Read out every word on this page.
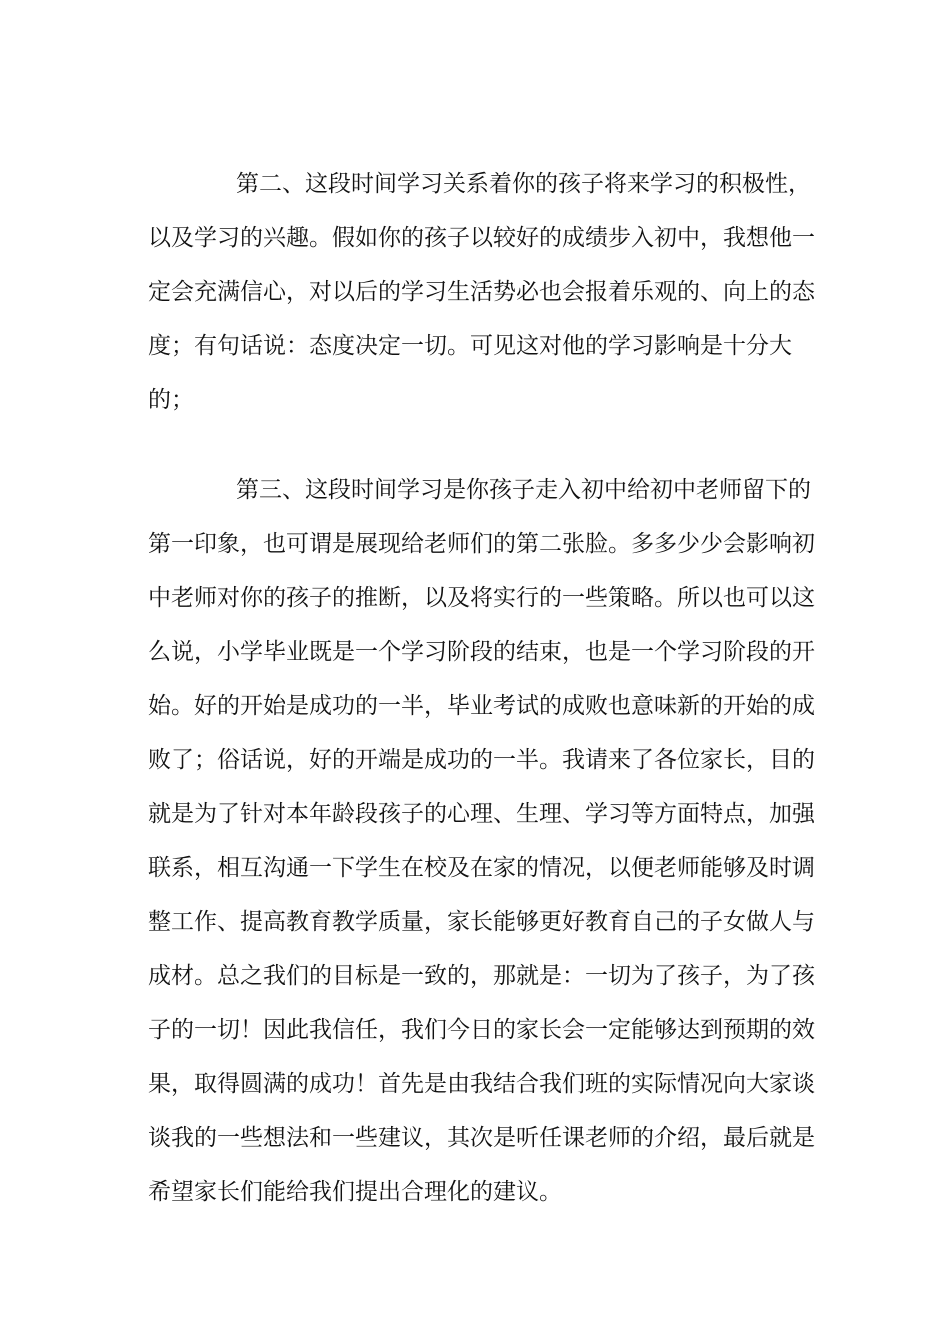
第二、这段时间学习关系着你的孩子将来学习的积极性，
以及学习的兴趣。假如你的孩子以较好的成绩步入初中，我想他一
定会充满信心，对以后的学习生活势必也会报着乐观的、向上的态
度；有句话说：态度决定一切。可见这对他的学习影响是十分大
的；
第三、这段时间学习是你孩子走入初中给初中老师留下的
第一印象，也可谓是展现给老师们的第二张脸。多多少少会影响初
中老师对你的孩子的推断，以及将实行的一些策略。所以也可以这
么说，小学毕业既是一个学习阶段的结束，也是一个学习阶段的开
始。好的开始是成功的一半，毕业考试的成败也意味新的开始的成
败了；俗话说，好的开端是成功的一半。我请来了各位家长，目的
就是为了针对本年龄段孩子的心理、生理、学习等方面特点，加强
联系，相互沟通一下学生在校及在家的情况，以便老师能够及时调
整工作、提高教育教学质量，家长能够更好教育自己的子女做人与
成材。总之我们的目标是一致的，那就是：一切为了孩子，为了孩
子的一切！因此我信任，我们今日的家长会一定能够达到预期的效
果，取得圆满的成功！首先是由我结合我们班的实际情况向大家谈
谈我的一些想法和一些建议，其次是听任课老师的介绍，最后就是
希望家长们能给我们提出合理化的建议。
